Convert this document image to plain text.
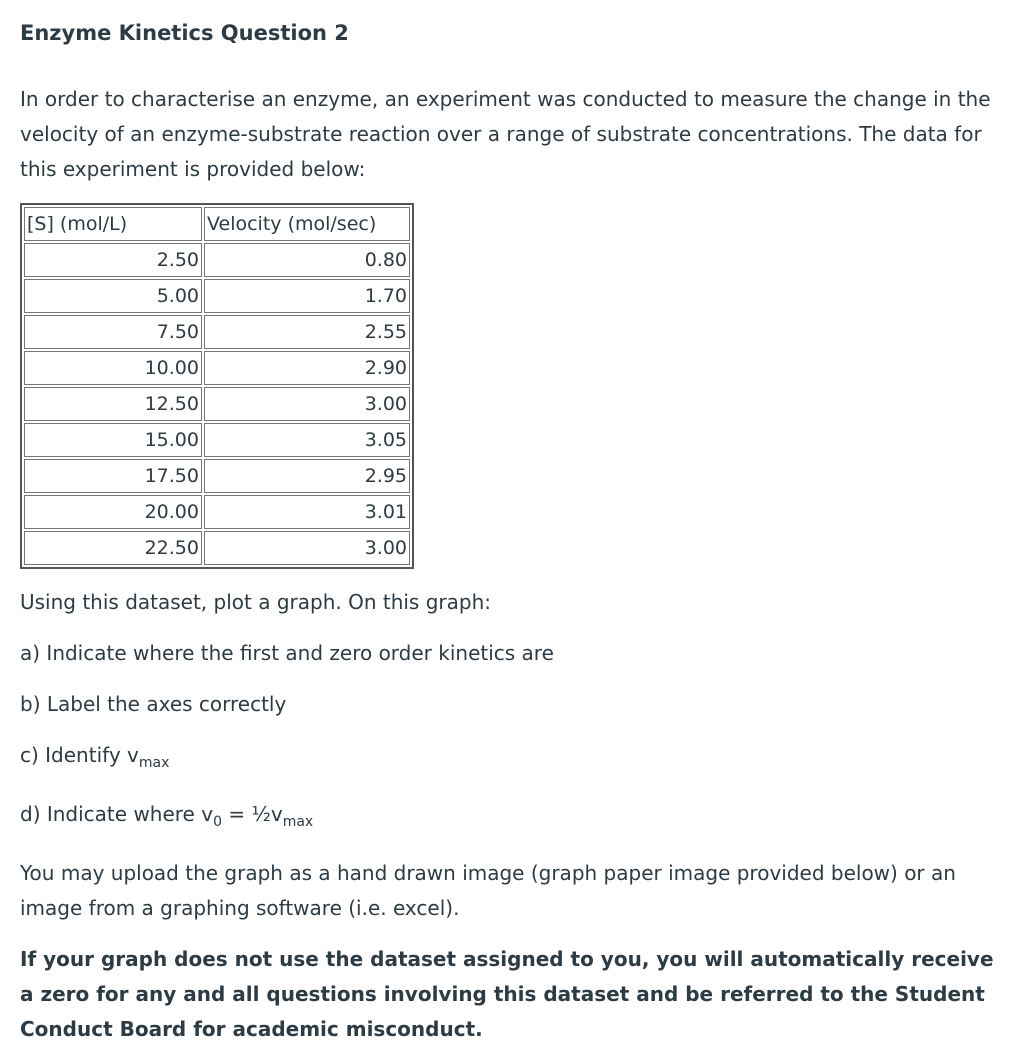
Enzyme Kinetics Question 2

In order to characterise an enzyme, an experiment was conducted to measure the change in the velocity of an enzyme-substrate reaction over a range of substrate concentrations. The data for this experiment is provided below:

[S] (mol/L)	Velocity (mol/sec)
2.50	0.80
5.00	1.70
7.50	2.55
10.00	2.90
12.50	3.00
15.00	3.05
17.50	2.95
20.00	3.01
22.50	3.00

Using this dataset, plot a graph. On this graph:

a) Indicate where the first and zero order kinetics are

b) Label the axes correctly

c) Identify $v_{max}$

d) Indicate where $v_0$ = $\frac{1}{2}v_{max}$

You may upload the graph as a hand drawn image (graph paper image provided below) or an image from a graphing software (i.e. excel).

If your graph does not use the dataset assigned to you, you will automatically receive a zero for any and all questions involving this dataset and be referred to the Student Conduct Board for academic misconduct.
